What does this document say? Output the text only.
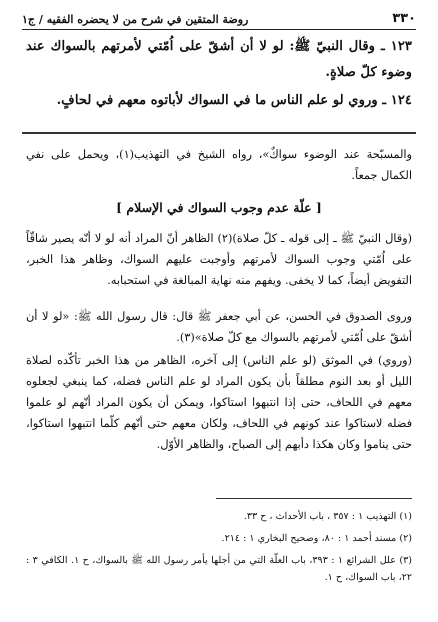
٣٣٠
روضة المتقين في شرح من لا يحضره الفقيه / ج١
١٢٣ ـ وقال النبيّ ﷺ: لو لا أن أشقّ على اُمّتي لأمرتهم بالسواك عند وضوء كلّ صلاةٍ.
١٢٤ ـ وروي لو علم الناس ما في السواك لأباتوه معهم في لحافٍ.
والمسبّحة عند الوضوء سواكٌ»، رواه الشيخ في التهذيب(١)، ويحمل على نفي الكمال جمعاً.
[ علّة عدم وجوب السواك في الإسلام ]
(وقال النبيّ ﷺ ـ إلى قوله ـ كلّ صلاة)(٢) الظاهر أنّ المراد أنه لو لا أنّه يصير شاقّاً على اُمّتي وجوب السواك لأمرتهم وأوجبت عليهم السواك، وظاهر هذا الخبر، التفويض أيضاً، كما لا يخفى. ويفهم منه نهاية المبالغة في استحبابه.
وروى الصدوق في الحسن، عن أبي جعفر ﷺ قال: قال رسول الله ﷺ: «لو لا أن أشقّ على اُمّتي لأمرتهم بالسواك مع كلّ صلاة»(٣).
(وروي) في الموثق (لو علم الناس) إلى آخره، الظاهر من هذا الخبر تأكّده لصلاة الليل أو بعد النوم مطلقاً بأن يكون المراد لو علم الناس فضله، كما ينبغي لجعلوه معهم في اللحاف، حتى إذا انتبهوا استاكوا، ويمكن أن يكون المراد أنّهم لو علموا فضله لاستاكوا عند كونهم في اللحاف، ولكان معهم حتى أنّهم كلّما انتبهوا استاكوا، حتى يناموا وكان هكذا دأبهم إلى الصباح، والظاهر الأوّل.
(١) التهذيب ١ : ٣٥٧ ، باب الأحداث ، ح ٣٣.
(٢) مسند أحمد ١ : ٨٠، وصحيح البخاري ١ : ٢١٤.
(٣) علل الشرائع ١ : ٣٩٣، باب العلّة التي من أجلها يأمر رسول الله ﷺ بالسواك، ح ١. الكافي ٣ : ٢٢، باب السواك، ح ١.
